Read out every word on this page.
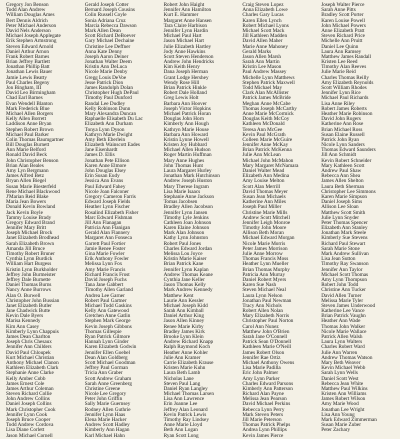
Gregory Jon Benson
Todd Alan Andrew
William Douglas Ames
Bert Dennis Aldrich
Peter Michael Anderson
David Nels Anderson
Michael Joseph Applegate
Erik Stephen Armstrong
Steven Edward Arnold
Daniel Arthur Arnon
Frank Robert Barnes
Brian Jeffrey Bartlett
Jonathan Phillip Batt
Jonathan Lewis Bauer
Jamie Lewis Beatty
Paul Charles Begeny
Jon Bingham, III
David Leo Birmingham
Chad Earl Barnes
Evan Wendell Blanton
Mark Frederick Blue
Michael Allen Borgers
Kelly Allen Borrett
Laddison Anne Bryan
Stephen Robert Brown
Michael Paul Barker
Colin Thomas Baumgartner
Bill Douglas Burnett
Ann Marie Belford
Ronald David Beck
John Christopher Benson
Brian Alan Beales
Amy Lyn Bergmann
James Alfred Betz
Bryan Allen Biegel
Susan Marie Biesterfeld
Rene Michael Blackwood
J'Marian Reid Blake
Maria Jean Bowers
Donald Kevin Bowland
Jack Kevin Boyle
Tammy Louise Brady
Gregory Edward Brand
Jennifer Mary Britt
Joseph Michael Brock
Janet Elizabeth Brodhead
Sarah Elizabeth Brown
Amanda Jill Bruce
Timothy Robert Bruner
Cynthia Lynn Burdick
William Hart Burgess
Kristin Lynn Burkholder
Jeffrey John Burmeister
Jeffrey Dale Burnette
Daniel Thomas Burns
Nancy Anne Burrows
Alan O. Burwell
Christopher John Bussian
Janet Elizabeth Butler
Jane Chadwick Butte
Kevin Dale Byers
Marisa Kennedy
Kim Ann Casey
Kimberly Lynn Chappuis
James Dean Charlton
Joseph Chris Chesaux
Jennifer Ann Childers
David Paul Chloupek
Kurt Michael Christian
Anthony Michael Clanon
Kathleen Elizabeth Clark
Stephanie Anne Clarke
Kelly Amber Cobb
James Ernest Cole
James Arthur Coleman
Steven Richard Collie
John Andrew Collins
Daniel Joseph Collins
Mark Christopher Cook
Jennifer Lynn Cook
Joseph Bruce Cooper
Todd Andrew Cordova
Lisa Diane Corlett
Jason Michael Cornell
Gerald Joseph Cotter
Bernard Joseph Cousins
Colin Russell Coyle
Sonia Adriana Cruz
Marcia Rebecca Dawson
Mark Allen Dean
Scott Richard DeBoever
Gary Michael Dechaine
Christine Lee Deffner
Anna Kate Denny
Joseph Aaron Deiner
Jonathan Walter Deem
Kristin Ann DeLuca
Nicole Marie Denby
Gregg Louis DeVoe
Jesse Patrick Dion
James Randolph Dolan
Christopher Hugh DePaul
Timothy Paul Dunford
Randal Lee Dudley
Kelly Robinson Dunn
Mary Alexandra Duncan
Raphaelle Elisabeth Du Lac
Elizabeth Ann Durham
Tonya Lynn Dyson
Kathryn Marie Dwight
Amy Beth Eberlein
Elizabeth Wainscott Eades
Jane Eisenhardt
James D. Ellis
Jonathan Pete Ellison
Karen Anne Elmore
John Douglas Elsey
Erin Susan Eudy
Jessica Ann Evans
Paul Edward Fahey
Nicole Joan Falconer
Gregory Cameron Farris
Edward Joseph Fields
Heather Lynn Fischer
Rosalind Elizabeth Fisher
Marc Edward Fishman
Jill Ann Flanagan
Patricia Ann Flanigan
Gerald Alan Flannery
Margaret Ann Fonseca
Garrett Paul Fortier
Jamie Renee Foster
Gina Marie Fowler
Erik Anthony Fowler
Melissa Lynn Fox
Amy Marie Francis
Richard Francis Frost
David Joseph Fuchs
Tana Jane Gabbert
Timothy Allen Garland
Andrea Lee Garner
Robert Paul Gartner
Michael Todd Gaskins
Kelly Ann Gatewood
Gretchen Anne Gatlin
Stephen Mark George
Kevin Joseph Gibbons
Thomas Gillespie
Ryan Patrick Gilmore
Hannah Lynn Ginder
Karen Elizabeth Godwin
Jennifer Ellen Goebel
Dean Alan Goldberg
Scott Michael Goodman
Jeffrey Paul Gorman
Tricia Ann Graber
Scott Andrew Graham
Sarah Anne Greenberg
Christine Greene
Nicole Lee Gregory
Peter John Griffin
Sally Marie Guernsey
Rodney Allen Guthrie
Jennifer Lynn Haas
Elena Marie Hacker
Andrew Scott Hadley
Kimberly Ann Hagan
Karl Michael Hahn
Robert John Haight
Jennifer Ann Hamilton
Kurt E. Hammer
Margaret Anne Hansen
Tara Claire Harbison
Jennifer Lynn Hardin
Michael Paul Hart
Jason Michael Hart
Julie Elizabeth Hartley
Jody Anne Hawkins
Scott Steven Henderson
Andrew John Hendricks
Kim Keith Henry
Dana Joseph Herman
Grant Lodge Hershey
Wendy Rose Hill
Brian Patrick Hinkle
Robert Dale Holland
Greg Lewis Holt
Barbara Ann Hoover
Joseph Victor Hopkins
Michael Patrick Horan
Douglas John Horn
Kimberly Ann Hough
Kathryn Marie House
Barbara Ann Howard
Kristin Lynne Howell
Kristen Joy Hubbard
Michael Allen Hudson
Roger Martin Huffman
Mary Anne Hughes
John Thomas Hunt
Laura Margaret Hurley
Jonathan Mark Hutchinson
Andrew Joseph Huston
Mary Therese Ingram
Lisa Marie Isaacs
Stephanie Anne Jackson
Tomas Jacobsen
Bradley Allen Jacobson
Jennifer Lynn Jansen
Timothy Lyle Jenkins
Cathleen Joan Johnson
Karen Elaine Johnson
Mark Alan Johnson
Kathy Lynn Johnston
Robert Paul Jones
Charles Edward Jordan
Melissa Lou Joyce
Kristin Marie Kaiser
Brian Patrick Kane
Jennifer Lynn Kaplan
Andrew Thomas Keane
Cynthia Jane Keller
Jason Thomas Kelly
Mark Andrew Kennedy
Matthew Kent
Laurie Ann Kessler
Michael Joseph Kidd
Sarah Ann Kimball
Daniel Arthur King
Jason Allen Kinney
Renee Marie Kirby
Bradley James Kirk
Brooke Lynn Klein
Andrew Richard Knapp
Ralph Raymond Koch
Heather Anne Kohler
Julie Ann Kramer
Carrie Elizabeth Krause
Kristen Marie Kuhn
Laura Beth Lamb
Nicholas Lane
Steven Paul Lang
Daniel Ryan Langley
Michael Thomas Larsen
Lisa Ann Lawrence
Erin Joanne Lee
Jeffrey Alan Leonard
Kevin Patrick Lewis
Timothy Ray Lindsey
Anne Marie Lloyd
Beth Ann Logan
Ryan Scott Long
Craig Steven Lopez
Anna Elizabeth Lowe
Charles Gary Lucas
Karen Ellen Lynch
Robert Michael Lyons
Michael Scott Mack
Jill Kathleen Madden
David Allen Maher
Marie Anne Mahoney
Gerald Marks
Jason Allen Marsh
Sarah Ann Martin
Kristin Lee Mason
Paul Andrew Massey
Michelle Lynn Matthews
Stephen Patrick Maxwell
Todd Michael May
Clark Alan McAllister
Patrick James McBride
Meghan Anne McCabe
Thomas Joseph McCarthy
Anne Marie McCormick
Douglas Keith McCoy
Kathleen McDonald
Teresa Ann McGee
Kevin Paul McGrath
Colleen Marie McGuire
Jennifer Anne McKay
Brian Patrick McKenna
Julie Ann McLean
Michael John McMahon
Mary Margaret McNamara
Daniel Walter Mead
Elizabeth Ann Medina
Amy Louise Melton
Scott Alan Merrill
David Thomas Meyer
Susan Jean Michaels
Katherine Ann Miles
Joseph Paul Miller
Christine Marie Mills
Andrew Scott Mitchell
Jennifer Leigh Monroe
Timothy John Moore
Allison Beth Moran
Michael Edward Morgan
Nicole Marie Morris
Peter James Morrison
Julie Anne Morrow
Thomas Francis Moss
Heather Lynn Mueller
Brian Thomas Murphy
Patricia Ann Murray
Daniel Robert Myers
Karen Sue Nash
Steven Michael Neal
Laura Lynn Nelson
Jonathan Paul Newman
Tracy Ann Nichols
Robert Allen Nolan
Mary Elizabeth Norris
Christopher Paul Norton
Carol Ann Nunez
Matthew John O'Brien
Sarah Jane O'Connell
Patrick Sean O'Donnell
Kathleen Marie O'Neill
James Robert Olson
Jennifer Rae Ortiz
Michael Anthony Owens
Lisa Marie Padilla
Eric John Palmer
Amy Lynn Parker
Charles Edward Parsons
Kimberly Ann Patterson
Richard Alan Payne
Melissa Jean Pearson
David Michael Perkins
Rebecca Lynn Perry
Mark Steven Peters
Jill Marie Peterson
Thomas Patrick Phelps
Andrea Lynn Phillips
Kevin James Pierce
Joseph Walter Pierce
Sarah Anne Pitts
Bradley Scott Porter
Karen Louise Powell
John Michael Powers
Anne Elizabeth Pratt
Steven Richard Price
Michelle Ann Pruitt
Daniel Lee Quinn
Laura Ann Ramsey
Matthew James Randall
Kristen Lee Reed
Timothy Alan Reeves
Julie Marie Reid
Charles Thomas Reilly
Amy Elizabeth Reynolds
Scott William Rhodes
Jennifer Lynn Rice
Michael Paul Richards
Lisa Anne Riley
Robert James Roberts
Heather Marie Robinson
David John Rogers
Katherine Ann Rose
Brian Michael Ross
Susan Elaine Russell
Patrick John Ryan
Nicole Lynn Sanders
Thomas Edward Saunders
Jill Ann Schmidt
Kevin Robert Schneider
Mary Kathleen Scott
Andrew Paul Shaw
Rebecca Ann Shea
James Allen Shelton
Laura Beth Sherman
Christopher Lee Simmons
Karen Marie Simpson
Daniel Joseph Sims
Allison Lee Sloan
Matthew Scott Smith
Julie Lynn Snyder
Peter Thomas Spencer
Elizabeth Ann Stanley
Jonathan Mark Steele
Kimberly Sue Stevens
Richard Paul Stewart
Sarah Marie Stone
Mark Andrew Sullivan
Lisa Jean Sutton
Timothy Ray Swanson
Jennifer Ann Taylor
Michael Scott Thomas
Amy Lynn Thompson
Robert John Todd
Christine Ann Tucker
David Allen Turner
Melissa Marie Tyler
Steven James Underwood
Katherine Lee Vance
Brian Patrick Vaughn
Heather Ann Wade
Thomas John Walker
Nicole Marie Wallace
Patrick Allen Walsh
Laura Lynn Walters
Charles Robert Ward
Julie Ann Warren
Andrew Thomas Watson
Mary Beth Weaver
Kevin Michael Webb
Sarah Lynn Wells
Daniel Scott West
Rebecca Jean White
Matthew Paul Wilkins
Kristen Ann Williams
James Robert Wilson
Amy Marie Wood
Jonathan Lee Wright
Lisa Ann Young
Mark Edward Zimmerman
Susan Marie Zuber
Peter Zachary
